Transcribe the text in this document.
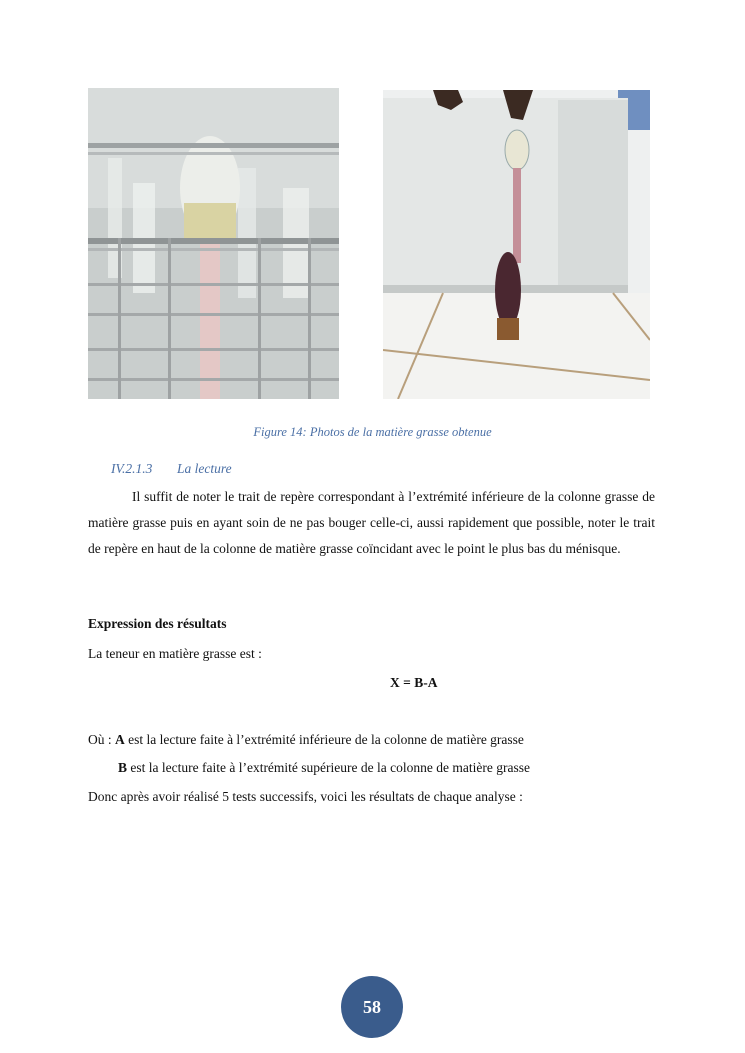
Figure 14: Photos de la matière grasse obtenue
IV.2.1.3 La lecture
Il suffit de noter le trait de repère correspondant à l’extrémité inférieure de la colonne grasse de matière grasse puis en ayant soin de ne pas bouger celle-ci, aussi rapidement que possible, noter le trait de repère en haut de la colonne de matière grasse coïncidant avec le point le plus bas du ménisque.
Expression des résultats
La teneur en matière grasse est :
X = B-A
Où : A est la lecture faite à l’extrémité inférieure de la colonne de matière grasse
B est la lecture faite à l’extrémité supérieure de la colonne de matière grasse
Donc après avoir réalisé 5 tests successifs, voici les résultats de chaque analyse :
58
